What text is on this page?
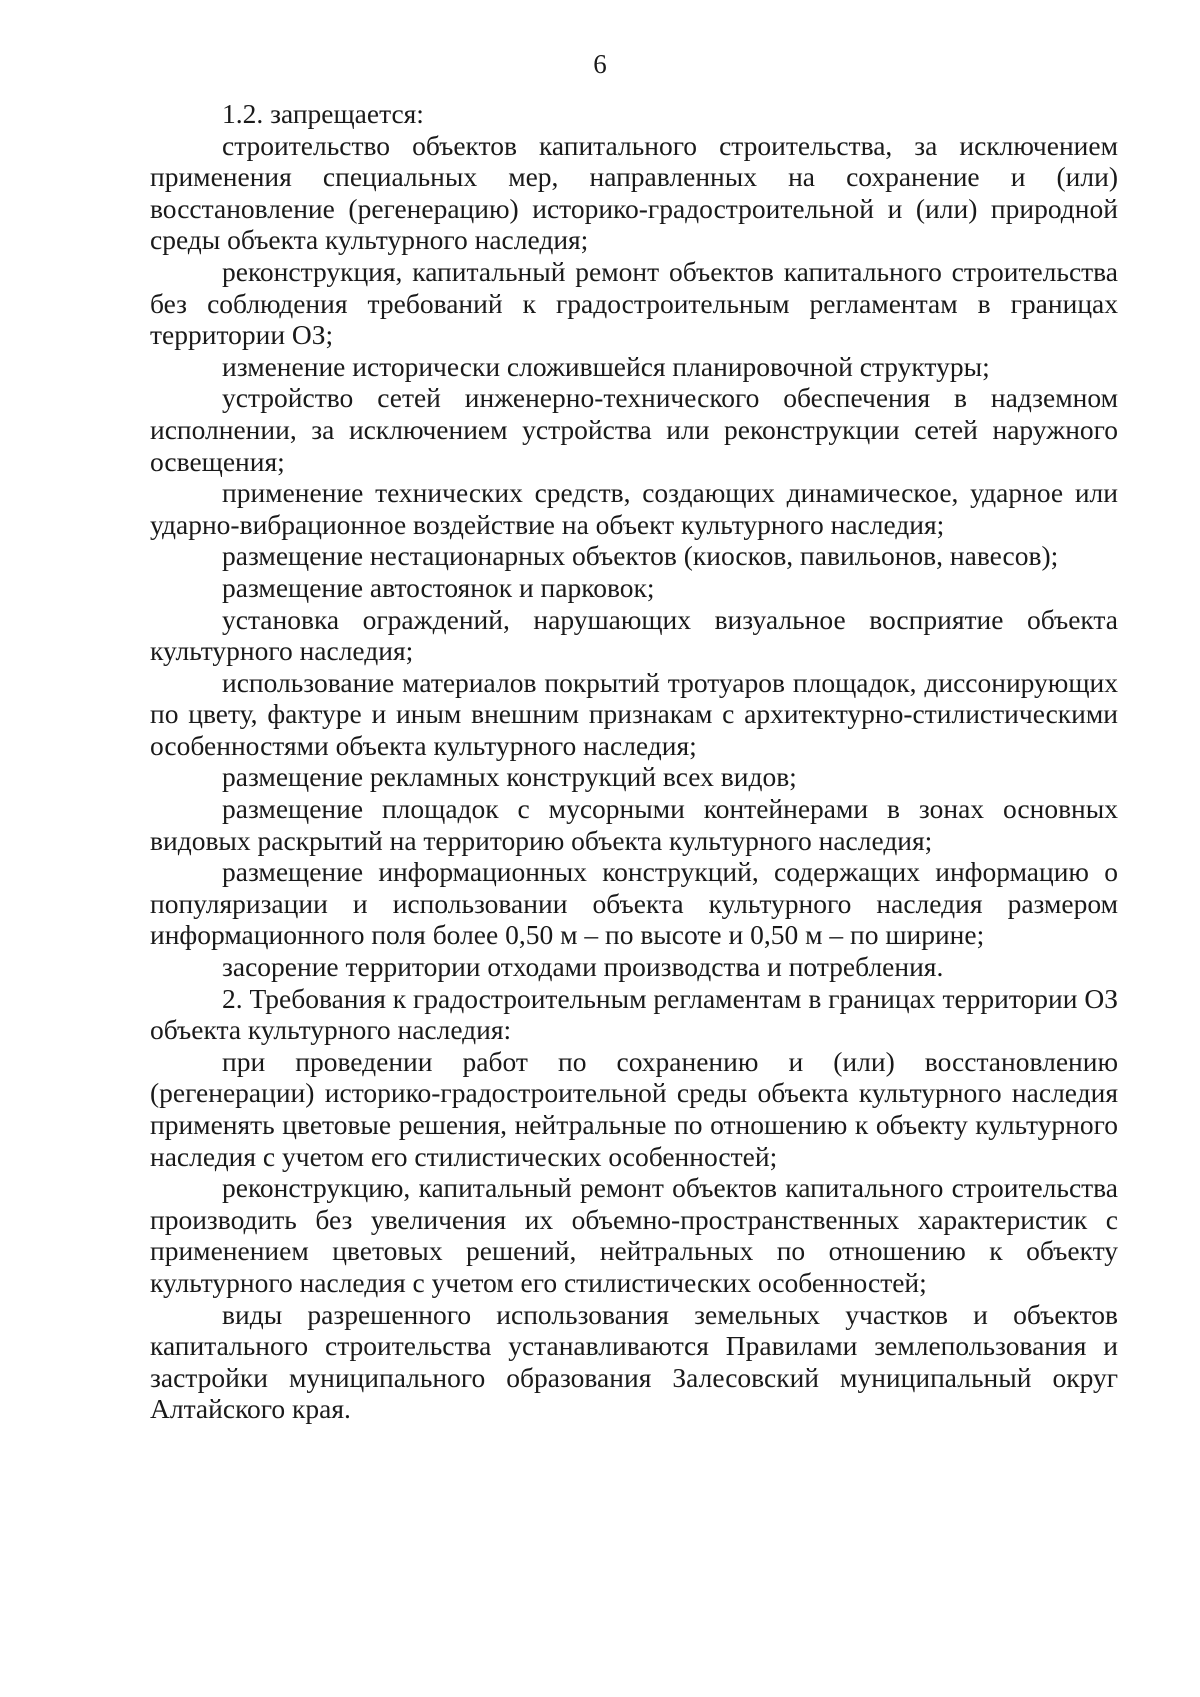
6

1.2. запрещается:

строительство объектов капитального строительства, за исключением применения специальных мер, направленных на сохранение и (или) восстановление (регенерацию) историко-градостроительной и (или) природной среды объекта культурного наследия;

реконструкция, капитальный ремонт объектов капитального строительства без соблюдения требований к градостроительным регламентам в границах территории ОЗ;

изменение исторически сложившейся планировочной структуры;

устройство сетей инженерно-технического обеспечения в надземном исполнении, за исключением устройства или реконструкции сетей наружного освещения;

применение технических средств, создающих динамическое, ударное или ударно-вибрационное воздействие на объект культурного наследия;

размещение нестационарных объектов (киосков, павильонов, навесов);

размещение автостоянок и парковок;

установка ограждений, нарушающих визуальное восприятие объекта культурного наследия;

использование материалов покрытий тротуаров площадок, диссонирующих по цвету, фактуре и иным внешним признакам с архитектурно-стилистическими особенностями объекта культурного наследия;

размещение рекламных конструкций всех видов;

размещение площадок с мусорными контейнерами в зонах основных видовых раскрытий на территорию объекта культурного наследия;

размещение информационных конструкций, содержащих информацию о популяризации и использовании объекта культурного наследия размером информационного поля более 0,50 м – по высоте и 0,50 м – по ширине;

засорение территории отходами производства и потребления.

2. Требования к градостроительным регламентам в границах территории ОЗ объекта культурного наследия:

при проведении работ по сохранению и (или) восстановлению (регенерации) историко-градостроительной среды объекта культурного наследия применять цветовые решения, нейтральные по отношению к объекту культурного наследия с учетом его стилистических особенностей;

реконструкцию, капитальный ремонт объектов капитального строительства производить без увеличения их объемно-пространственных характеристик с применением цветовых решений, нейтральных по отношению к объекту культурного наследия с учетом его стилистических особенностей;

виды разрешенного использования земельных участков и объектов капитального строительства устанавливаются Правилами землепользования и застройки муниципального образования Залесовский муниципальный округ Алтайского края.
